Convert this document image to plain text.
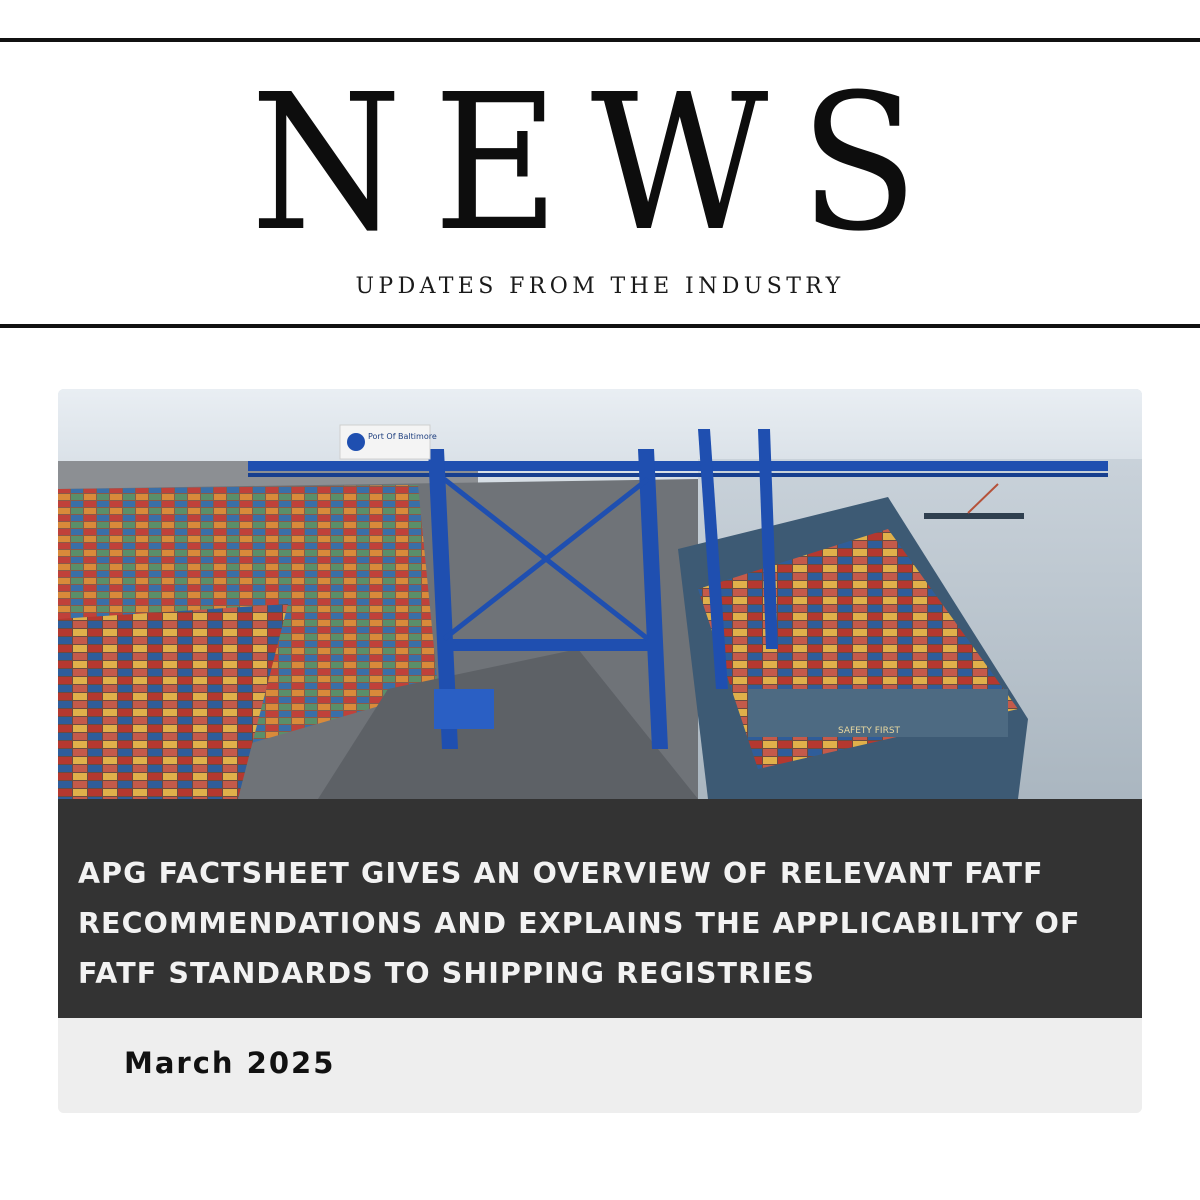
NEWS
UPDATES FROM THE INDUSTRY
SAFETY FIRST
Port Of Baltimore
APG FACTSHEET GIVES AN OVERVIEW OF RELEVANT FATF RECOMMENDATIONS AND EXPLAINS THE APPLICABILITY OF FATF STANDARDS TO SHIPPING REGISTRIES
March 2025
